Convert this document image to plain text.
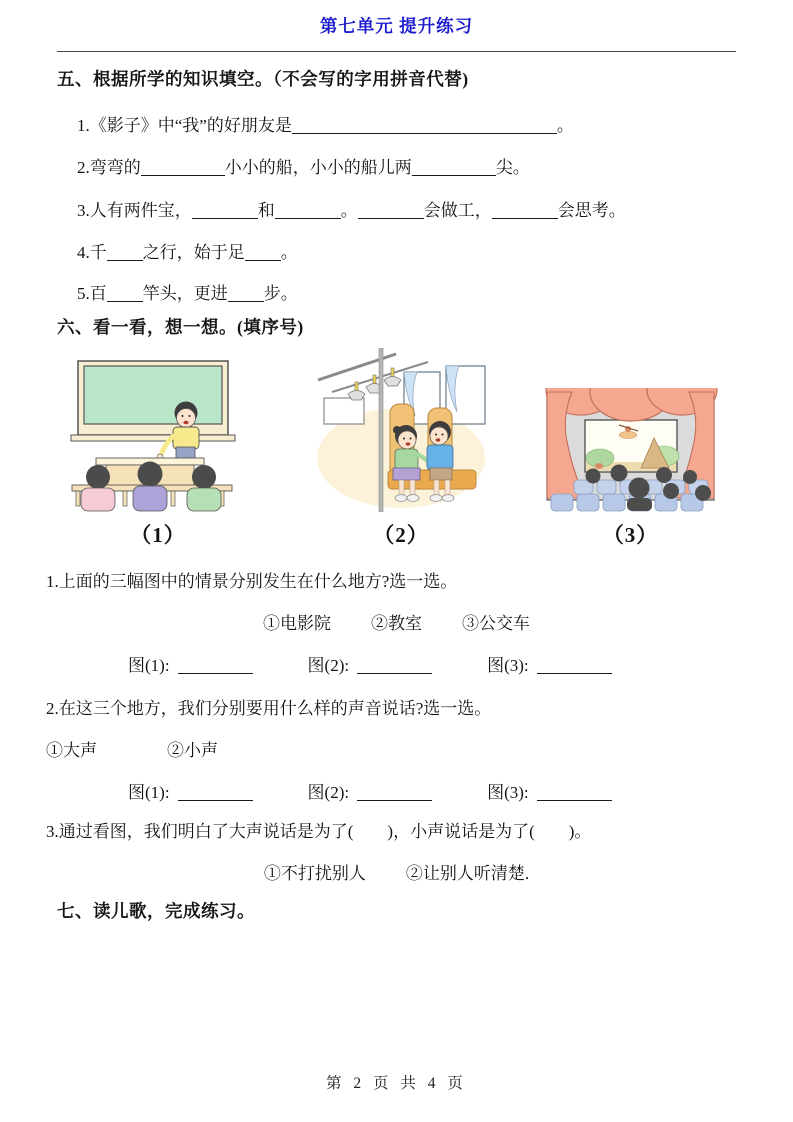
第七单元 提升练习
五、根据所学的知识填空。（不会写的字用拼音代替)
1.《影子》中“我”的好朋友是	。
2.弯弯的	小小的船，小小的船儿两	尖。
3.人有两件宝，	和	。	会做工，	会思考。
4.千 之行，始于足 。
5.百 竿头，更进 步。
六、看一看，想一想。(填序号)
（1）	（2）	（3）
1.上面的三幅图中的情景分别发生在什么地方?选一选。
①电影院 ②教室 ③公交车
图(1):	图(2):	图(3):
2.在这三个地方，我们分别要用什么样的声音说话?选一选。
①大声	②小声
图(1):	图(2):	图(3):
3.通过看图，我们明白了大声说话是为了(　　)，小声说话是为了(　　)。
①不打扰别人 ②让别人听清楚.
七、读儿歌，完成练习。
第 2 页 共 4 页
